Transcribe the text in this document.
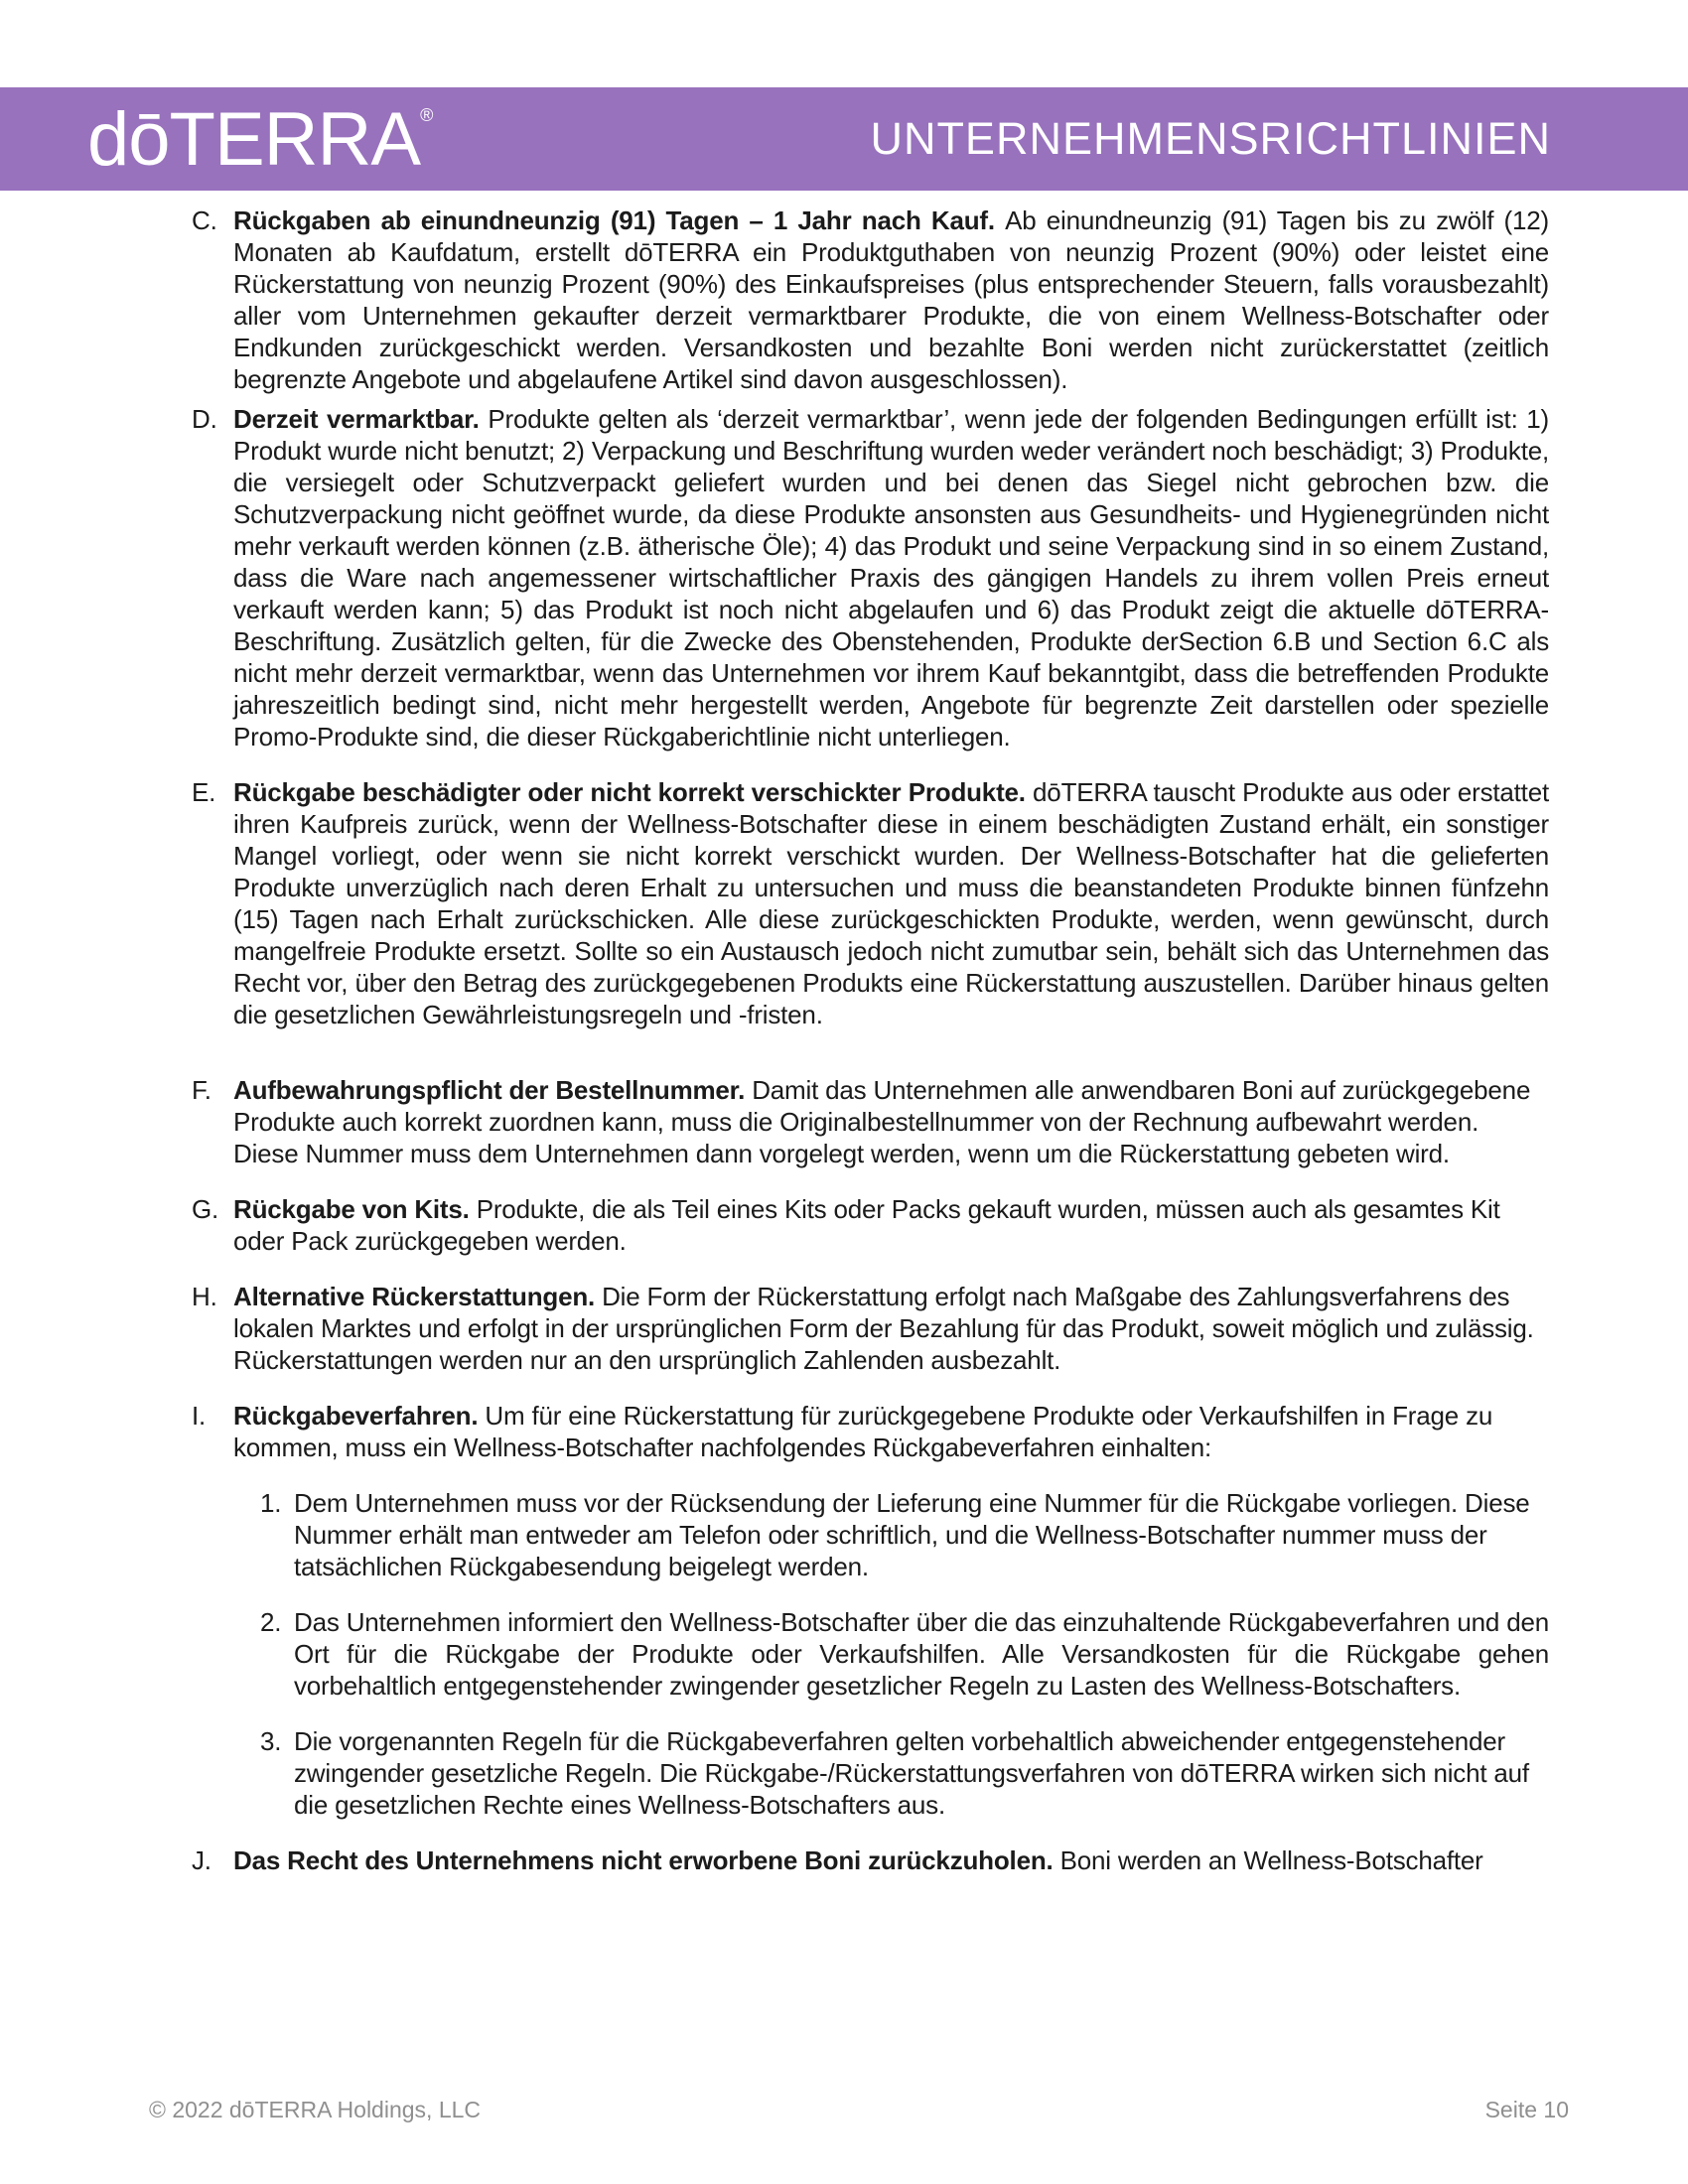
dōTERRA®	UNTERNEHMENSRICHTLINIEN
C. Rückgaben ab einundneunzig (91) Tagen – 1 Jahr nach Kauf. Ab einundneunzig (91) Tagen bis zu zwölf (12) Monaten ab Kaufdatum, erstellt dōTERRA ein Produktguthaben von neunzig Prozent (90%) oder leistet eine Rückerstattung von neunzig Prozent (90%) des Einkaufspreises (plus entsprechender Steuern, falls vorausbezahlt) aller vom Unternehmen gekaufter derzeit vermarktbarer Produkte, die von einem Wellness-Botschafter oder Endkunden zurückgeschickt werden. Versandkosten und bezahlte Boni werden nicht zurückerstattet (zeitlich begrenzte Angebote und abgelaufene Artikel sind davon ausgeschlossen).
D. Derzeit vermarktbar. Produkte gelten als ‘derzeit vermarktbar’, wenn jede der folgenden Bedingungen erfüllt ist: 1) Produkt wurde nicht benutzt; 2) Verpackung und Beschriftung wurden weder verändert noch beschädigt; 3) Produkte, die versiegelt oder Schutzverpackt geliefert wurden und bei denen das Siegel nicht gebrochen bzw. die Schutzverpackung nicht geöffnet wurde, da diese Produkte ansonsten aus Gesundheits- und Hygienegründen nicht mehr verkauft werden können (z.B. ätherische Öle); 4) das Produkt und seine Verpackung sind in so einem Zustand, dass die Ware nach angemessener wirtschaftlicher Praxis des gängigen Handels zu ihrem vollen Preis erneut verkauft werden kann; 5) das Produkt ist noch nicht abgelaufen und 6) das Produkt zeigt die aktuelle dōTERRA-Beschriftung. Zusätzlich gelten, für die Zwecke des Obenstehenden, Produkte derSection 6.B und Section 6.C als nicht mehr derzeit vermarktbar, wenn das Unternehmen vor ihrem Kauf bekanntgibt, dass die betreffenden Produkte jahreszeitlich bedingt sind, nicht mehr hergestellt werden, Angebote für begrenzte Zeit darstellen oder spezielle Promo-Produkte sind, die dieser Rückgaberichtlinie nicht unterliegen.
E. Rückgabe beschädigter oder nicht korrekt verschickter Produkte. dōTERRA tauscht Produkte aus oder erstattet ihren Kaufpreis zurück, wenn der Wellness-Botschafter diese in einem beschädigten Zustand erhält, ein sonstiger Mangel vorliegt, oder wenn sie nicht korrekt verschickt wurden. Der Wellness-Botschafter hat die gelieferten Produkte unverzüglich nach deren Erhalt zu untersuchen und muss die beanstandeten Produkte binnen fünfzehn (15) Tagen nach Erhalt zurückschicken. Alle diese zurückgeschickten Produkte, werden, wenn gewünscht, durch mangelfreie Produkte ersetzt. Sollte so ein Austausch jedoch nicht zumutbar sein, behält sich das Unternehmen das Recht vor, über den Betrag des zurückgegebenen Produkts eine Rückerstattung auszustellen. Darüber hinaus gelten die gesetzlichen Gewährleistungsregeln und -fristen.
F. Aufbewahrungspflicht der Bestellnummer. Damit das Unternehmen alle anwendbaren Boni auf zurückgegebene Produkte auch korrekt zuordnen kann, muss die Originalbestellnummer von der Rechnung aufbewahrt werden. Diese Nummer muss dem Unternehmen dann vorgelegt werden, wenn um die Rückerstattung gebeten wird.
G. Rückgabe von Kits. Produkte, die als Teil eines Kits oder Packs gekauft wurden, müssen auch als gesamtes Kit oder Pack zurückgegeben werden.
H. Alternative Rückerstattungen. Die Form der Rückerstattung erfolgt nach Maßgabe des Zahlungsverfahrens des lokalen Marktes und erfolgt in der ursprünglichen Form der Bezahlung für das Produkt, soweit möglich und zulässig. Rückerstattungen werden nur an den ursprünglich Zahlenden ausbezahlt.
I.	Rückgabeverfahren. Um für eine Rückerstattung für zurückgegebene Produkte oder Verkaufshilfen in Frage zu kommen, muss ein Wellness-Botschafter nachfolgendes Rückgabeverfahren einhalten:
1. Dem Unternehmen muss vor der Rücksendung der Lieferung eine Nummer für die Rückgabe vorliegen. Diese Nummer erhält man entweder am Telefon oder schriftlich, und die Wellness-Botschafter nummer muss der tatsächlichen Rückgabesendung beigelegt werden.
2. Das Unternehmen informiert den Wellness-Botschafter über die das einzuhaltende Rückgabeverfahren und den Ort für die Rückgabe der Produkte oder Verkaufshilfen. Alle Versandkosten für die Rückgabe gehen vorbehaltlich entgegenstehender zwingender gesetzlicher Regeln zu Lasten des Wellness-Botschafters.
3. Die vorgenannten Regeln für die Rückgabeverfahren gelten vorbehaltlich abweichender entgegenstehender zwingender gesetzliche Regeln. Die Rückgabe-/Rückerstattungsverfahren von dōTERRA wirken sich nicht auf die gesetzlichen Rechte eines Wellness-Botschafters aus.
J. Das Recht des Unternehmens nicht erworbene Boni zurückzuholen. Boni werden an Wellness-Botschafter
© 2022 dōTERRA Holdings, LLC	Seite 10
